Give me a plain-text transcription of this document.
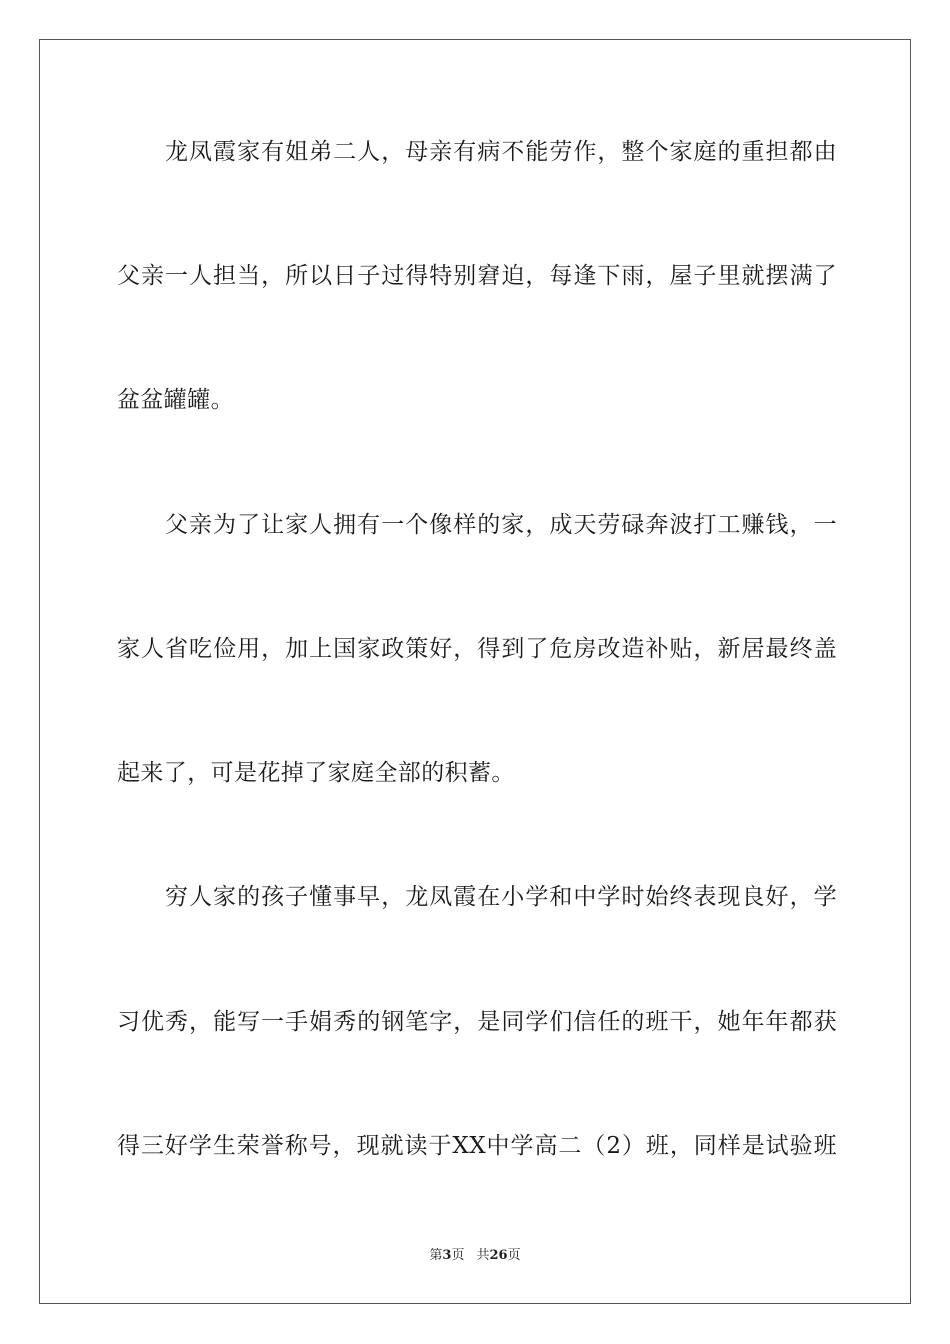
龙凤霞家有姐弟二人，母亲有病不能劳作，整个家庭的重担都由
父亲一人担当，所以日子过得特别窘迫，每逢下雨，屋子里就摆满了
盆盆罐罐。
父亲为了让家人拥有一个像样的家，成天劳碌奔波打工赚钱，一
家人省吃俭用，加上国家政策好，得到了危房改造补贴，新居最终盖
起来了，可是花掉了家庭全部的积蓄。
穷人家的孩子懂事早，龙凤霞在小学和中学时始终表现良好，学
习优秀，能写一手娟秀的钢笔字，是同学们信任的班干，她年年都获
得三好学生荣誉称号，现就读于XX中学高二（2）班，同样是试验班
第3页 共26页
